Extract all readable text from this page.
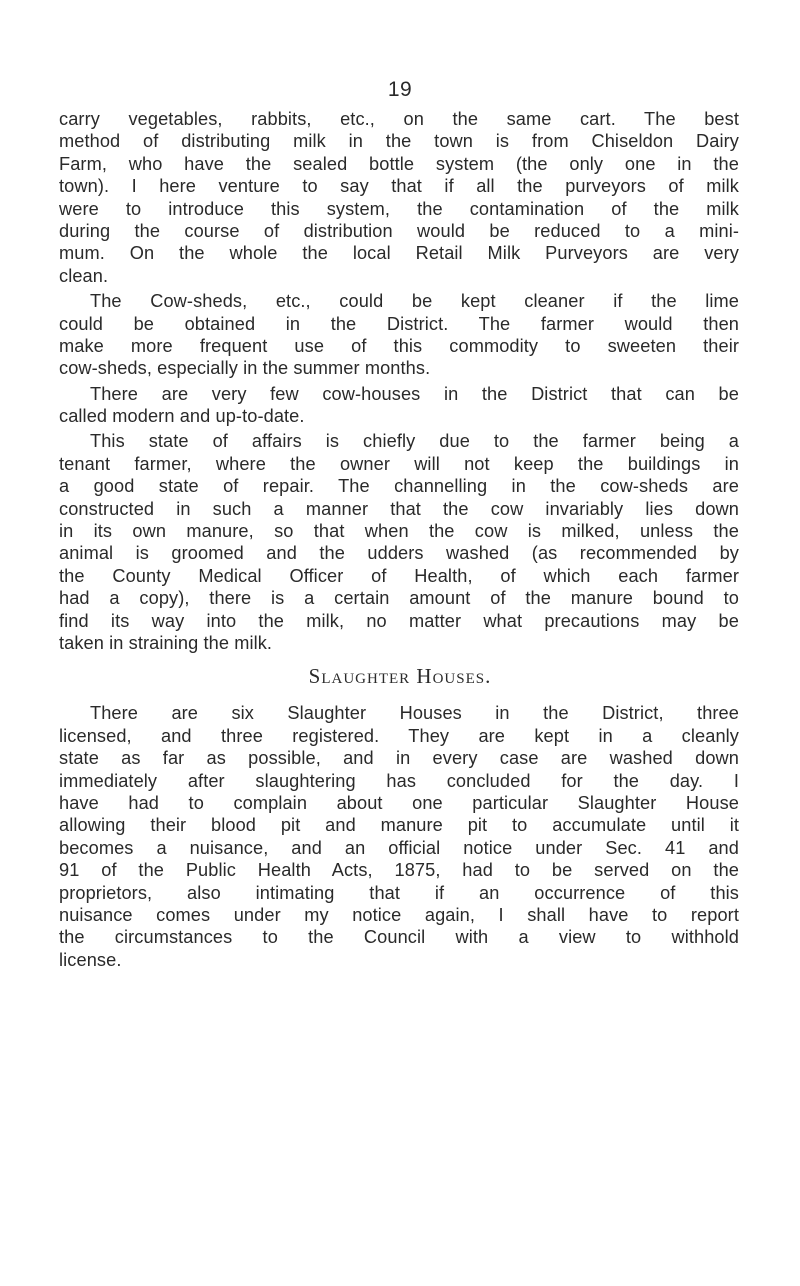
19
carry vegetables, rabbits, etc., on the same cart. The best
method of distributing milk in the town is from Chiseldon Dairy
Farm, who have the sealed bottle system (the only one in the
town). I here venture to say that if all the purveyors of milk
were to introduce this system, the contamination of the milk
during the course of distribution would be reduced to a mini-
mum. On the whole the local Retail Milk Purveyors are very
clean.
The Cow-sheds, etc., could be kept cleaner if the lime
could be obtained in the District. The farmer would then
make more frequent use of this commodity to sweeten their
cow-sheds, especially in the summer months.
There are very few cow-houses in the District that can be
called modern and up-to-date.
This state of affairs is chiefly due to the farmer being a
tenant farmer, where the owner will not keep the buildings in
a good state of repair. The channelling in the cow-sheds are
constructed in such a manner that the cow invariably lies down
in its own manure, so that when the cow is milked, unless the
animal is groomed and the udders washed (as recommended by
the County Medical Officer of Health, of which each farmer
had a copy), there is a certain amount of the manure bound to
find its way into the milk, no matter what precautions may be
taken in straining the milk.
Slaughter Houses.
There are six Slaughter Houses in the District, three
licensed, and three registered. They are kept in a cleanly
state as far as possible, and in every case are washed down
immediately after slaughtering has concluded for the day. I
have had to complain about one particular Slaughter House
allowing their blood pit and manure pit to accumulate until it
becomes a nuisance, and an official notice under Sec. 41 and
91 of the Public Health Acts, 1875, had to be served on the
proprietors, also intimating that if an occurrence of this
nuisance comes under my notice again, I shall have to report
the circumstances to the Council with a view to withhold
license.
